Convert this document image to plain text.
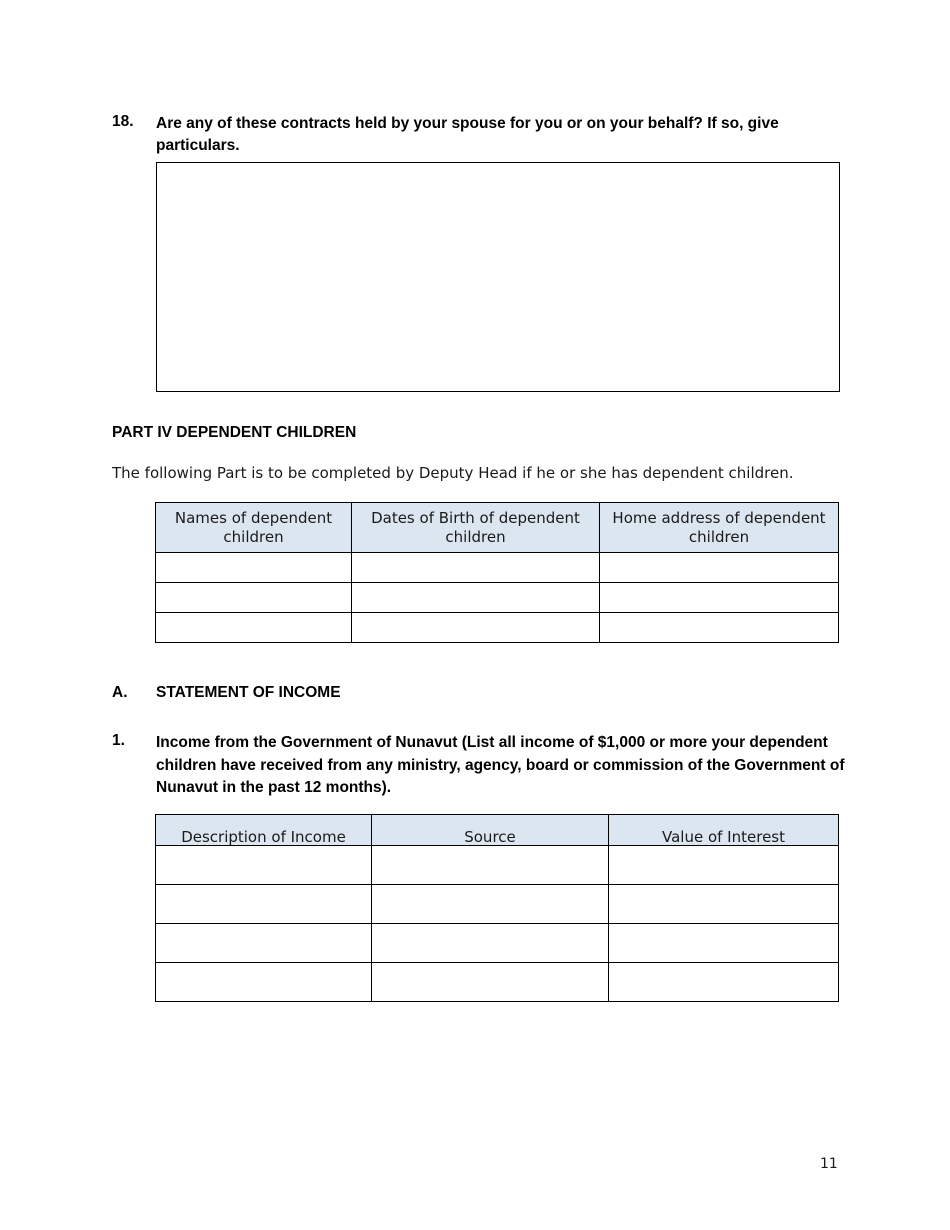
18. Are any of these contracts held by your spouse for you or on your behalf? If so, give particulars.
PART IV DEPENDENT CHILDREN
The following Part is to be completed by Deputy Head if he or she has dependent children.
Names of dependent children	Dates of Birth of dependent children	Home address of dependent children

A. STATEMENT OF INCOME
1. Income from the Government of Nunavut (List all income of $1,000 or more your dependent children have received from any ministry, agency, board or commission of the Government of Nunavut in the past 12 months).
Description of Income	Source	Value of Interest

11
